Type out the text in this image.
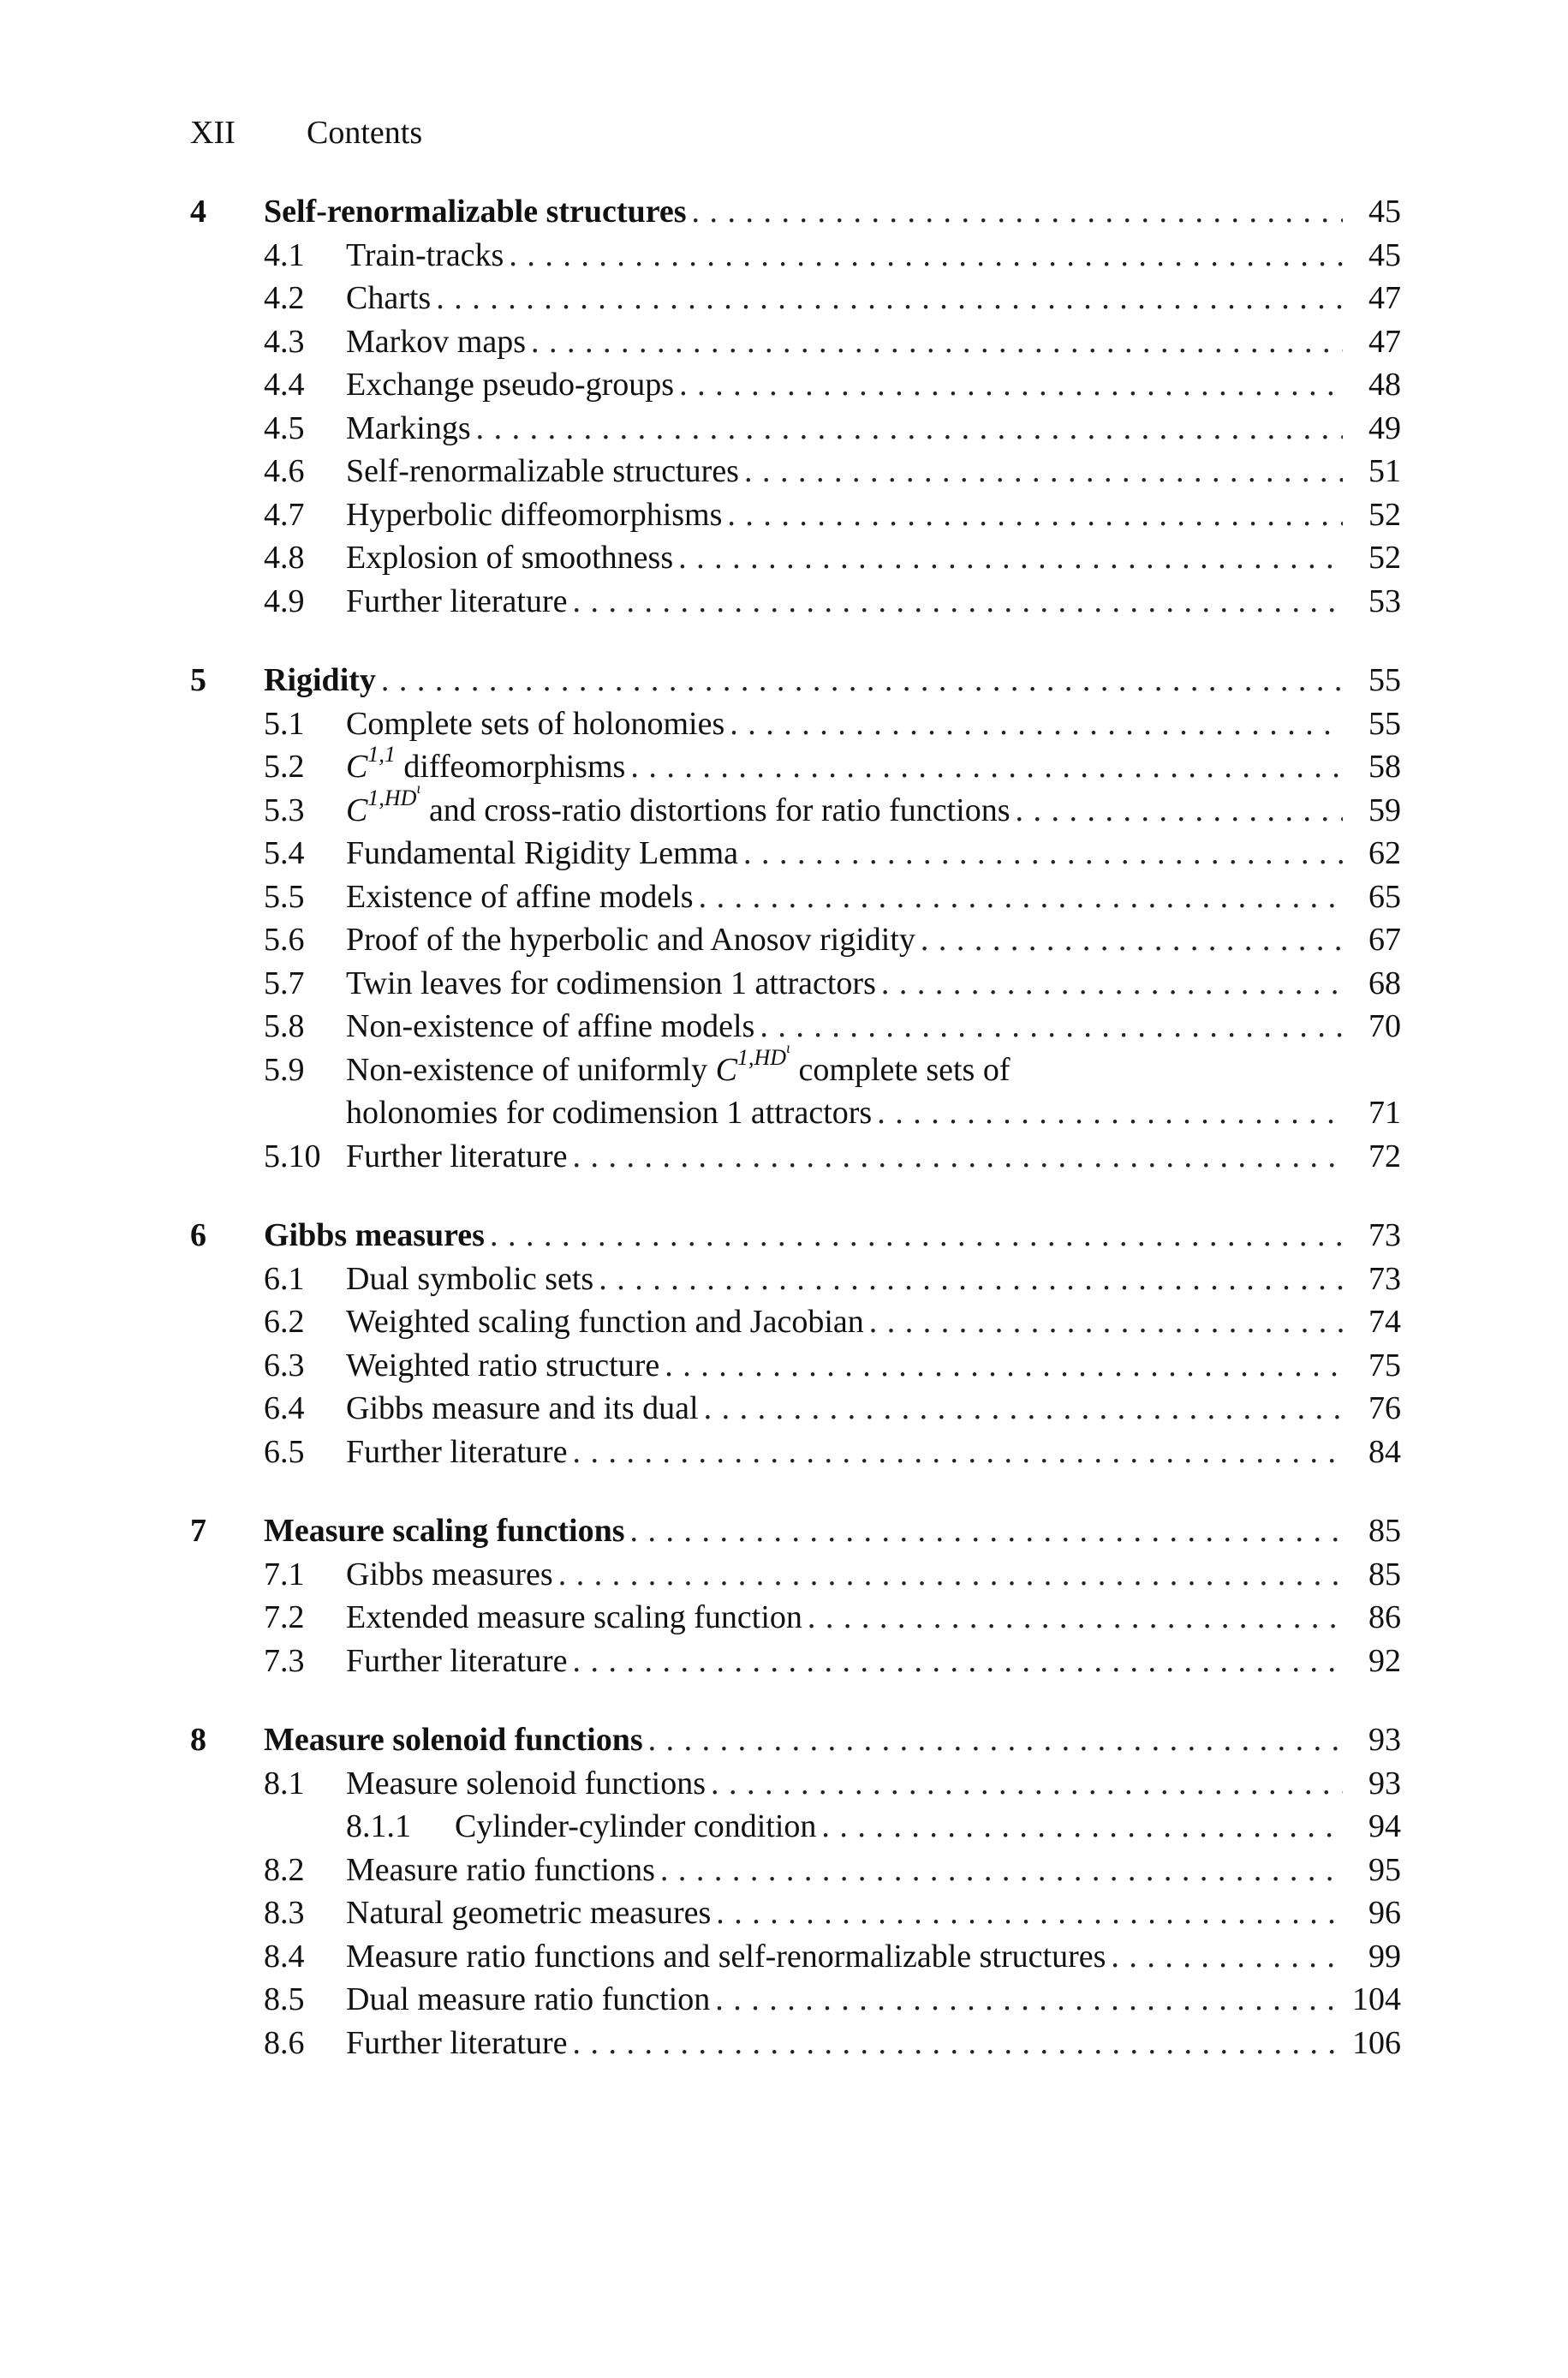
XII Contents
4	Self-renormalizable structures . . .	45
4.1	Train-tracks . . .	45
4.2	Charts . . .	47
4.3	Markov maps . . .	47
4.4	Exchange pseudo-groups . . .	48
4.5	Markings . . .	49
4.6	Self-renormalizable structures . . .	51
4.7	Hyperbolic diffeomorphisms . . .	52
4.8	Explosion of smoothness . . .	52
4.9	Further literature . . .	53
5	Rigidity . . .	55
5.1	Complete sets of holonomies . . .	55
5.2	C$^{1,1}$ diffeomorphisms . . .	58
5.3	$C^{1,HD^\iota}$ and cross-ratio distortions for ratio functions . . .	59
5.4	Fundamental Rigidity Lemma . . .	62
5.5	Existence of affine models . . .	65
5.6	Proof of the hyperbolic and Anosov rigidity . . .	67
5.7	Twin leaves for codimension 1 attractors . . .	68
5.8	Non-existence of affine models . . .	70
5.9	Non-existence of uniformly $C^{1,HD^\iota}$ complete sets of
holonomies for codimension 1 attractors . . .	71
5.10 Further literature . . .	72
6	Gibbs measures . . .	73
6.1	Dual symbolic sets . . .	73
6.2	Weighted scaling function and Jacobian . . .	74
6.3	Weighted ratio structure . . .	75
6.4	Gibbs measure and its dual . . .	76
6.5	Further literature . . .	84
7	Measure scaling functions . . .	85
7.1	Gibbs measures . . .	85
7.2	Extended measure scaling function . . .	86
7.3	Further literature . . .	92
8	Measure solenoid functions . . .	93
8.1	Measure solenoid functions . . .	93
8.1.1	Cylinder-cylinder condition . . .	94
8.2	Measure ratio functions . . .	95
8.3	Natural geometric measures . . .	96
8.4	Measure ratio functions and self-renormalizable structures . . .	99
8.5	Dual measure ratio function . . .	104
8.6	Further literature . . .	106
